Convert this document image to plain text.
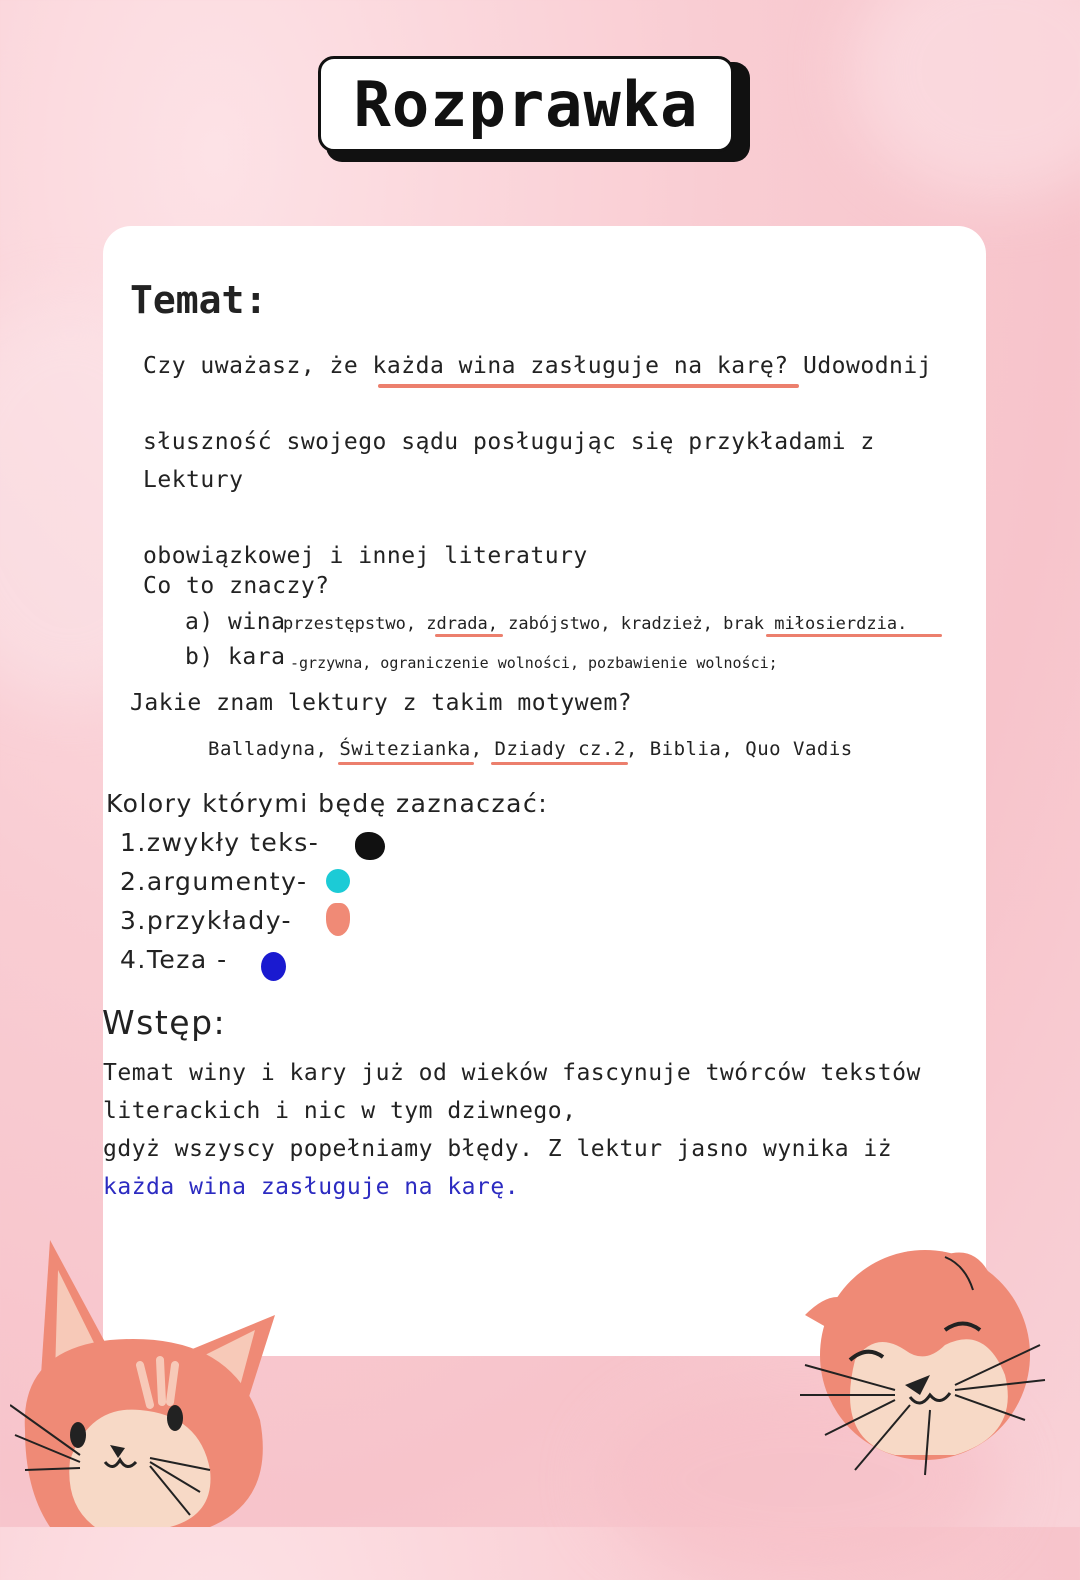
Rozprawka
Temat:
Czy uważasz, że każda wina zasługuje na karę? Udowodnij
słuszność swojego sądu posługując się przykładami z
Lektury
obowiązkowej i innej literatury
Co to znaczy?
a) wina
przestępstwo, zdrada, zabójstwo, kradzież, brak miłosierdzia.
b) kara -grzywna, ograniczenie wolności, pozbawienie wolności;
Jakie znam lektury z takim motywem?
Balladyna, Świtezianka, Dziady cz.2, Biblia, Quo Vadis
Kolory którymi będę zaznaczać:
1.zwykły teks-
2.argumenty-
3.przykłady-
4.Teza -
Wstęp:
Temat winy i kary już od wieków fascynuje twórców tekstów
literackich i nic w tym dziwnego,
gdyż wszyscy popełniamy błędy. Z lektur jasno wynika iż
każda wina zasługuje na karę.
